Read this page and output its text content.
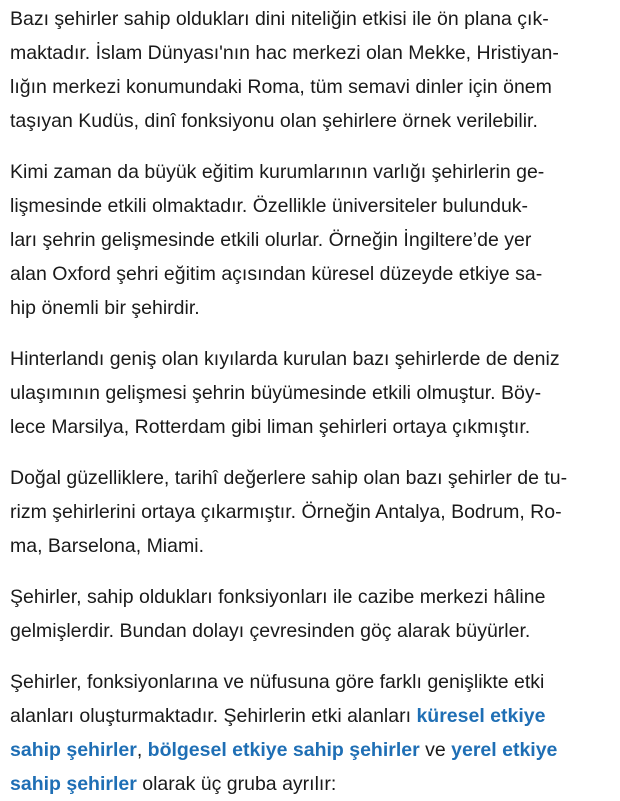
Bazı şehirler sahip oldukları dini niteliğin etkisi ile ön plana çık-
maktadır. İslam Dünyası'nın hac merkezi olan Mekke, Hristiyan-
lığın merkezi konumundaki Roma, tüm semavi dinler için önem
taşıyan Kudüs, dinî fonksiyonu olan şehirlere örnek verilebilir.

Kimi zaman da büyük eğitim kurumlarının varlığı şehirlerin ge-
lişmesinde etkili olmaktadır. Özellikle üniversiteler bulunduk-
ları şehrin gelişmesinde etkili olurlar. Örneğin İngiltere’de yer
alan Oxford şehri eğitim açısından küresel düzeyde etkiye sa-
hip önemli bir şehirdir.

Hinterlandı geniş olan kıyılarda kurulan bazı şehirlerde de deniz
ulaşımının gelişmesi şehrin büyümesinde etkili olmuştur. Böy-
lece Marsilya, Rotterdam gibi liman şehirleri ortaya çıkmıştır.

Doğal güzelliklere, tarihî değerlere sahip olan bazı şehirler de tu-
rizm şehirlerini ortaya çıkarmıştır. Örneğin Antalya, Bodrum, Ro-
ma, Barselona, Miami.

Şehirler, sahip oldukları fonksiyonları ile cazibe merkezi hâline
gelmişlerdir. Bundan dolayı çevresinden göç alarak büyürler.

Şehirler, fonksiyonlarına ve nüfusuna göre farklı genişlikte etki
alanları oluşturmaktadır. Şehirlerin etki alanları küresel etkiye
sahip şehirler, bölgesel etkiye sahip şehirler ve yerel etkiye
sahip şehirler olarak üç gruba ayrılır:
